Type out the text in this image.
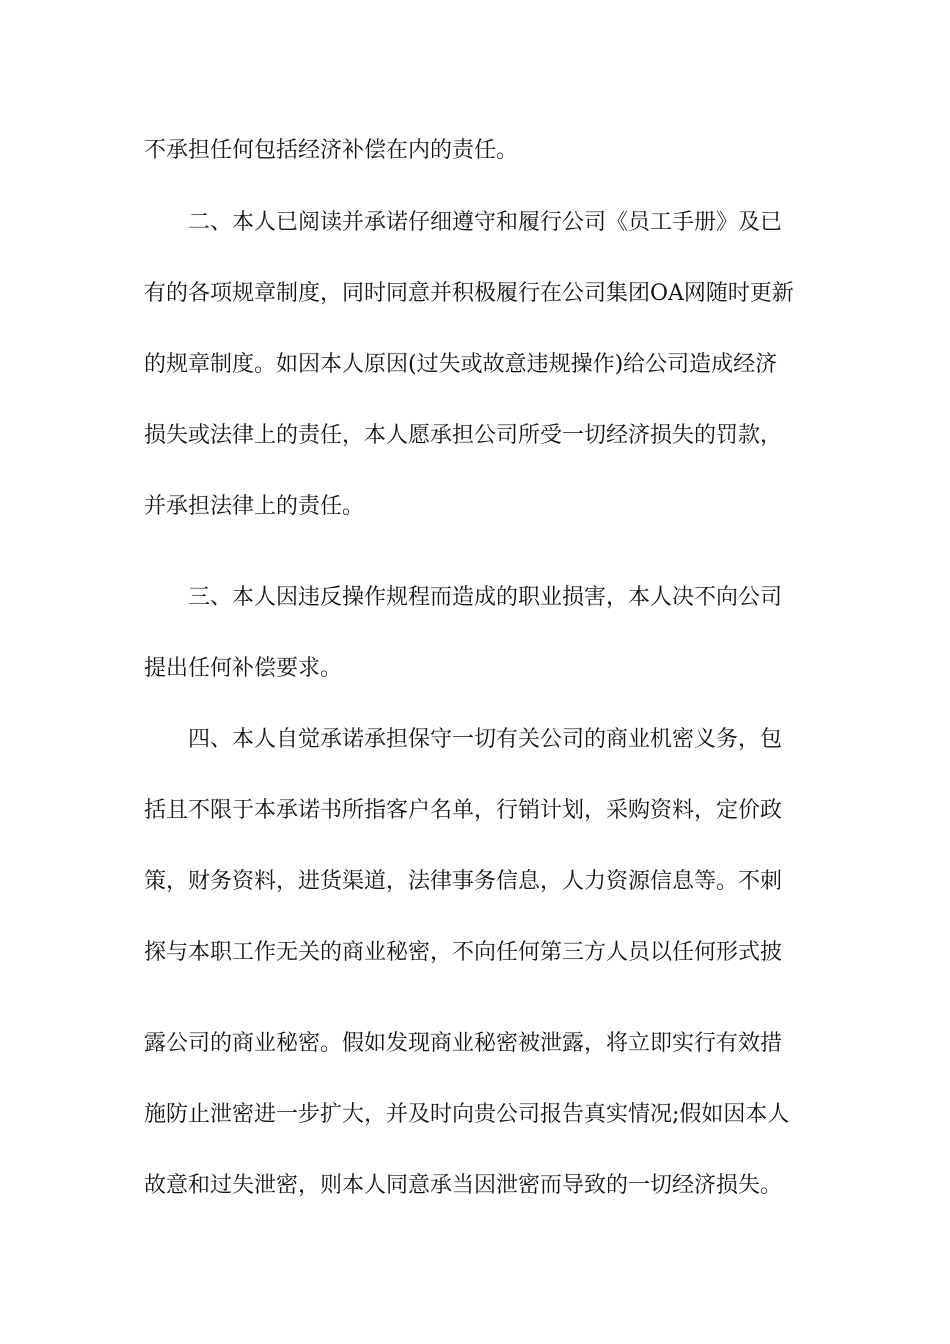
不承担任何包括经济补偿在内的责任。
二、本人已阅读并承诺仔细遵守和履行公司《员工手册》及已
有的各项规章制度，同时同意并积极履行在公司集团OA网随时更新
的规章制度。如因本人原因(过失或故意违规操作)给公司造成经济
损失或法律上的责任，本人愿承担公司所受一切经济损失的罚款，
并承担法律上的责任。
三、本人因违反操作规程而造成的职业损害，本人决不向公司
提出任何补偿要求。
四、本人自觉承诺承担保守一切有关公司的商业机密义务，包
括且不限于本承诺书所指客户名单，行销计划，采购资料，定价政
策，财务资料，进货渠道，法律事务信息，人力资源信息等。不刺
探与本职工作无关的商业秘密，不向任何第三方人员以任何形式披
露公司的商业秘密。假如发现商业秘密被泄露，将立即实行有效措
施防止泄密进一步扩大，并及时向贵公司报告真实情况;假如因本人
故意和过失泄密，则本人同意承当因泄密而导致的一切经济损失。
